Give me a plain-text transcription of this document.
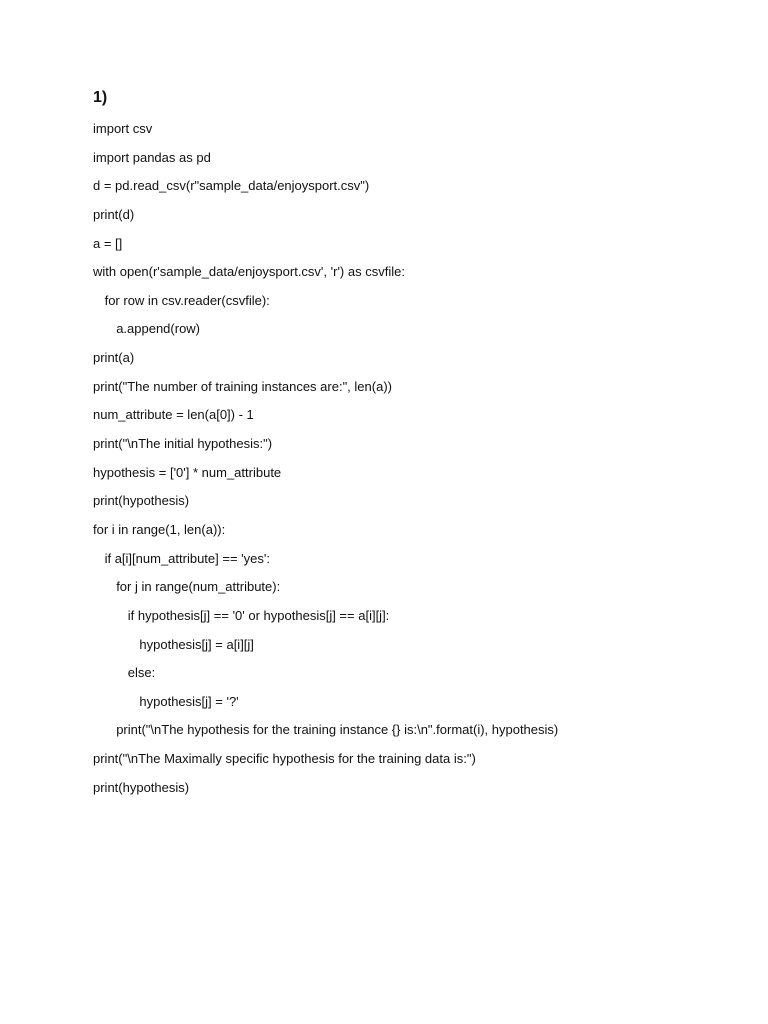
1)
import csv
import pandas as pd
d = pd.read_csv(r"sample_data/enjoysport.csv")
print(d)
a = []
with open(r'sample_data/enjoysport.csv', 'r') as csvfile:
for row in csv.reader(csvfile):
a.append(row)
print(a)
print("The number of training instances are:", len(a))
num_attribute = len(a[0]) - 1
print("\nThe initial hypothesis:")
hypothesis = ['0'] * num_attribute
print(hypothesis)
for i in range(1, len(a)):
if a[i][num_attribute] == 'yes':
for j in range(num_attribute):
if hypothesis[j] == '0' or hypothesis[j] == a[i][j]:
hypothesis[j] = a[i][j]
else:
hypothesis[j] = '?'
print("\nThe hypothesis for the training instance {} is:\n".format(i), hypothesis)
print("\nThe Maximally specific hypothesis for the training data is:")
print(hypothesis)
